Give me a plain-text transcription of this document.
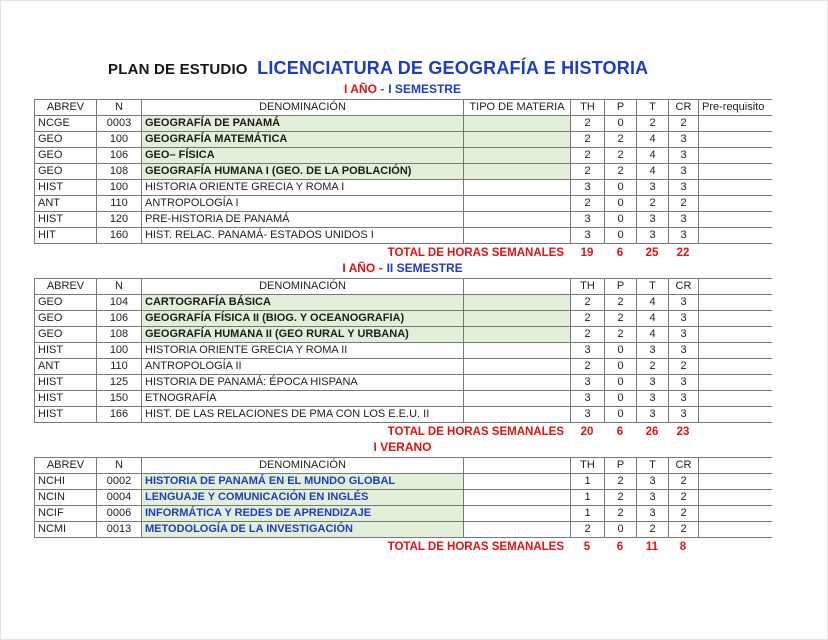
PLAN DE ESTUDIO LICENCIATURA DE GEOGRAFÍA E HISTORIA
I AÑO - I SEMESTRE
ABREV	N	DENOMINACIÓN	TIPO DE MATERIA	TH	P	T	CR	Pre-requisito
NCGE	0003	GEOGRAFÍA DE PANAMÁ		2	0	2	2	
GEO	100	GEOGRAFÍA MATEMÁTICA		2	2	4	3	
GEO	106	GEO– FÍSICA		2	2	4	3	
GEO	108	GEOGRAFÍA HUMANA I (GEO. DE LA POBLACIÓN)		2	2	4	3	
HIST	100	HISTORIA ORIENTE GRECIA Y ROMA I		3	0	3	3	
ANT	110	ANTROPOLOGÍA I		2	0	2	2	
HIST	120	PRE-HISTORIA DE PANAMÁ		3	0	3	3	
HIT	160	HIST. RELAC. PANAMÁ- ESTADOS UNIDOS I		3	0	3	3	
TOTAL DE HORAS SEMANALES	19	6	25	22
I AÑO - II SEMESTRE
ABREV	N	DENOMINACIÓN		TH	P	T	CR	
GEO	104	CARTOGRAFÍA BÁSICA		2	2	4	3	
GEO	106	GEOGRAFÍA FÍSICA II (BIOG. Y OCEANOGRAFIA)		2	2	4	3	
GEO	108	GEOGRAFÍA HUMANA II (GEO RURAL Y URBANA)		2	2	4	3	
HIST	100	HISTORIA ORIENTE GRECIA Y ROMA II		3	0	3	3	
ANT	110	ANTROPOLOGÍA II		2	0	2	2	
HIST	125	HISTORIA DE PANAMÁ: ÉPOCA HISPANA		3	0	3	3	
HIST	150	ETNOGRAFÍA		3	0	3	3	
HIST	166	HIST. DE LAS RELACIONES DE PMA CON LOS E.E.U. II		3	0	3	3	
TOTAL DE HORAS SEMANALES	20	6	26	23
I VERANO
ABREV	N	DENOMINACIÓN		TH	P	T	CR	
NCHI	0002	HISTORIA DE PANAMÁ EN EL MUNDO GLOBAL		1	2	3	2	
NCIN	0004	LENGUAJE Y COMUNICACIÓN EN INGLÉS		1	2	3	2	
NCIF	0006	INFORMÁTICA Y REDES DE APRENDIZAJE		1	2	3	2	
NCMI	0013	METODOLOGÍA DE LA INVESTIGACIÓN		2	0	2	2	
TOTAL DE HORAS SEMANALES	5	6	11	8
